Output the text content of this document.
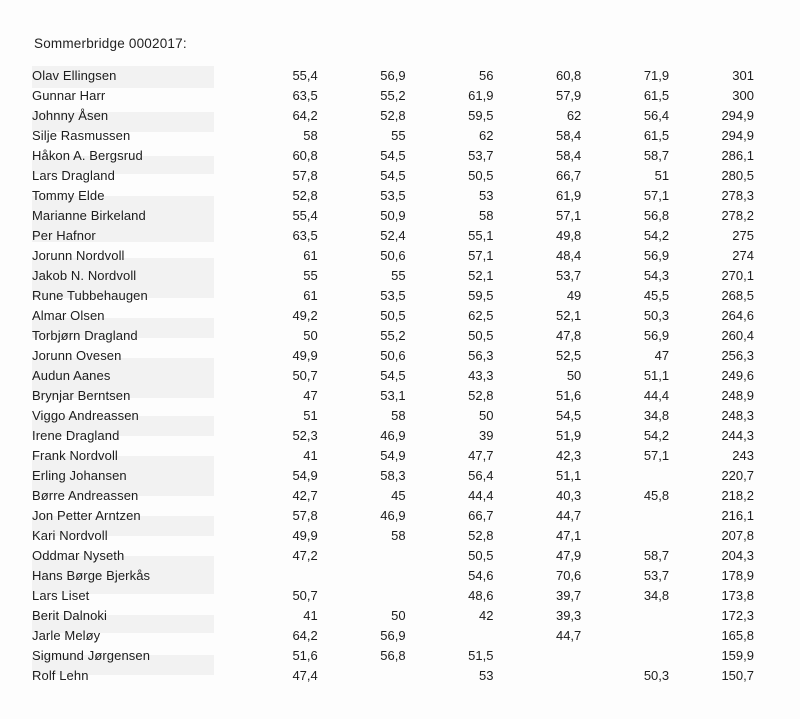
Sommerbridge 0002017:
Olav Ellingsen	55,4	56,9	56	60,8	71,9	301
Gunnar Harr	63,5	55,2	61,9	57,9	61,5	300
Johnny Åsen	64,2	52,8	59,5	62	56,4	294,9
Silje Rasmussen	58	55	62	58,4	61,5	294,9
Håkon A. Bergsrud	60,8	54,5	53,7	58,4	58,7	286,1
Lars Dragland	57,8	54,5	50,5	66,7	51	280,5
Tommy Elde	52,8	53,5	53	61,9	57,1	278,3
Marianne Birkeland	55,4	50,9	58	57,1	56,8	278,2
Per Hafnor	63,5	52,4	55,1	49,8	54,2	275
Jorunn Nordvoll	61	50,6	57,1	48,4	56,9	274
Jakob N. Nordvoll	55	55	52,1	53,7	54,3	270,1
Rune Tubbehaugen	61	53,5	59,5	49	45,5	268,5
Almar Olsen	49,2	50,5	62,5	52,1	50,3	264,6
Torbjørn Dragland	50	55,2	50,5	47,8	56,9	260,4
Jorunn Ovesen	49,9	50,6	56,3	52,5	47	256,3
Audun Aanes	50,7	54,5	43,3	50	51,1	249,6
Brynjar Berntsen	47	53,1	52,8	51,6	44,4	248,9
Viggo Andreassen	51	58	50	54,5	34,8	248,3
Irene Dragland	52,3	46,9	39	51,9	54,2	244,3
Frank Nordvoll	41	54,9	47,7	42,3	57,1	243
Erling Johansen	54,9	58,3	56,4	51,1		220,7
Børre Andreassen	42,7	45	44,4	40,3	45,8	218,2
Jon Petter Arntzen	57,8	46,9	66,7	44,7		216,1
Kari Nordvoll	49,9	58	52,8	47,1		207,8
Oddmar Nyseth	47,2		50,5	47,9	58,7	204,3
Hans Børge Bjerkås			54,6	70,6	53,7	178,9
Lars Liset	50,7		48,6	39,7	34,8	173,8
Berit Dalnoki	41	50	42	39,3		172,3
Jarle Meløy	64,2	56,9		44,7		165,8
Sigmund Jørgensen	51,6	56,8	51,5			159,9
Rolf Lehn	47,4		53		50,3	150,7
